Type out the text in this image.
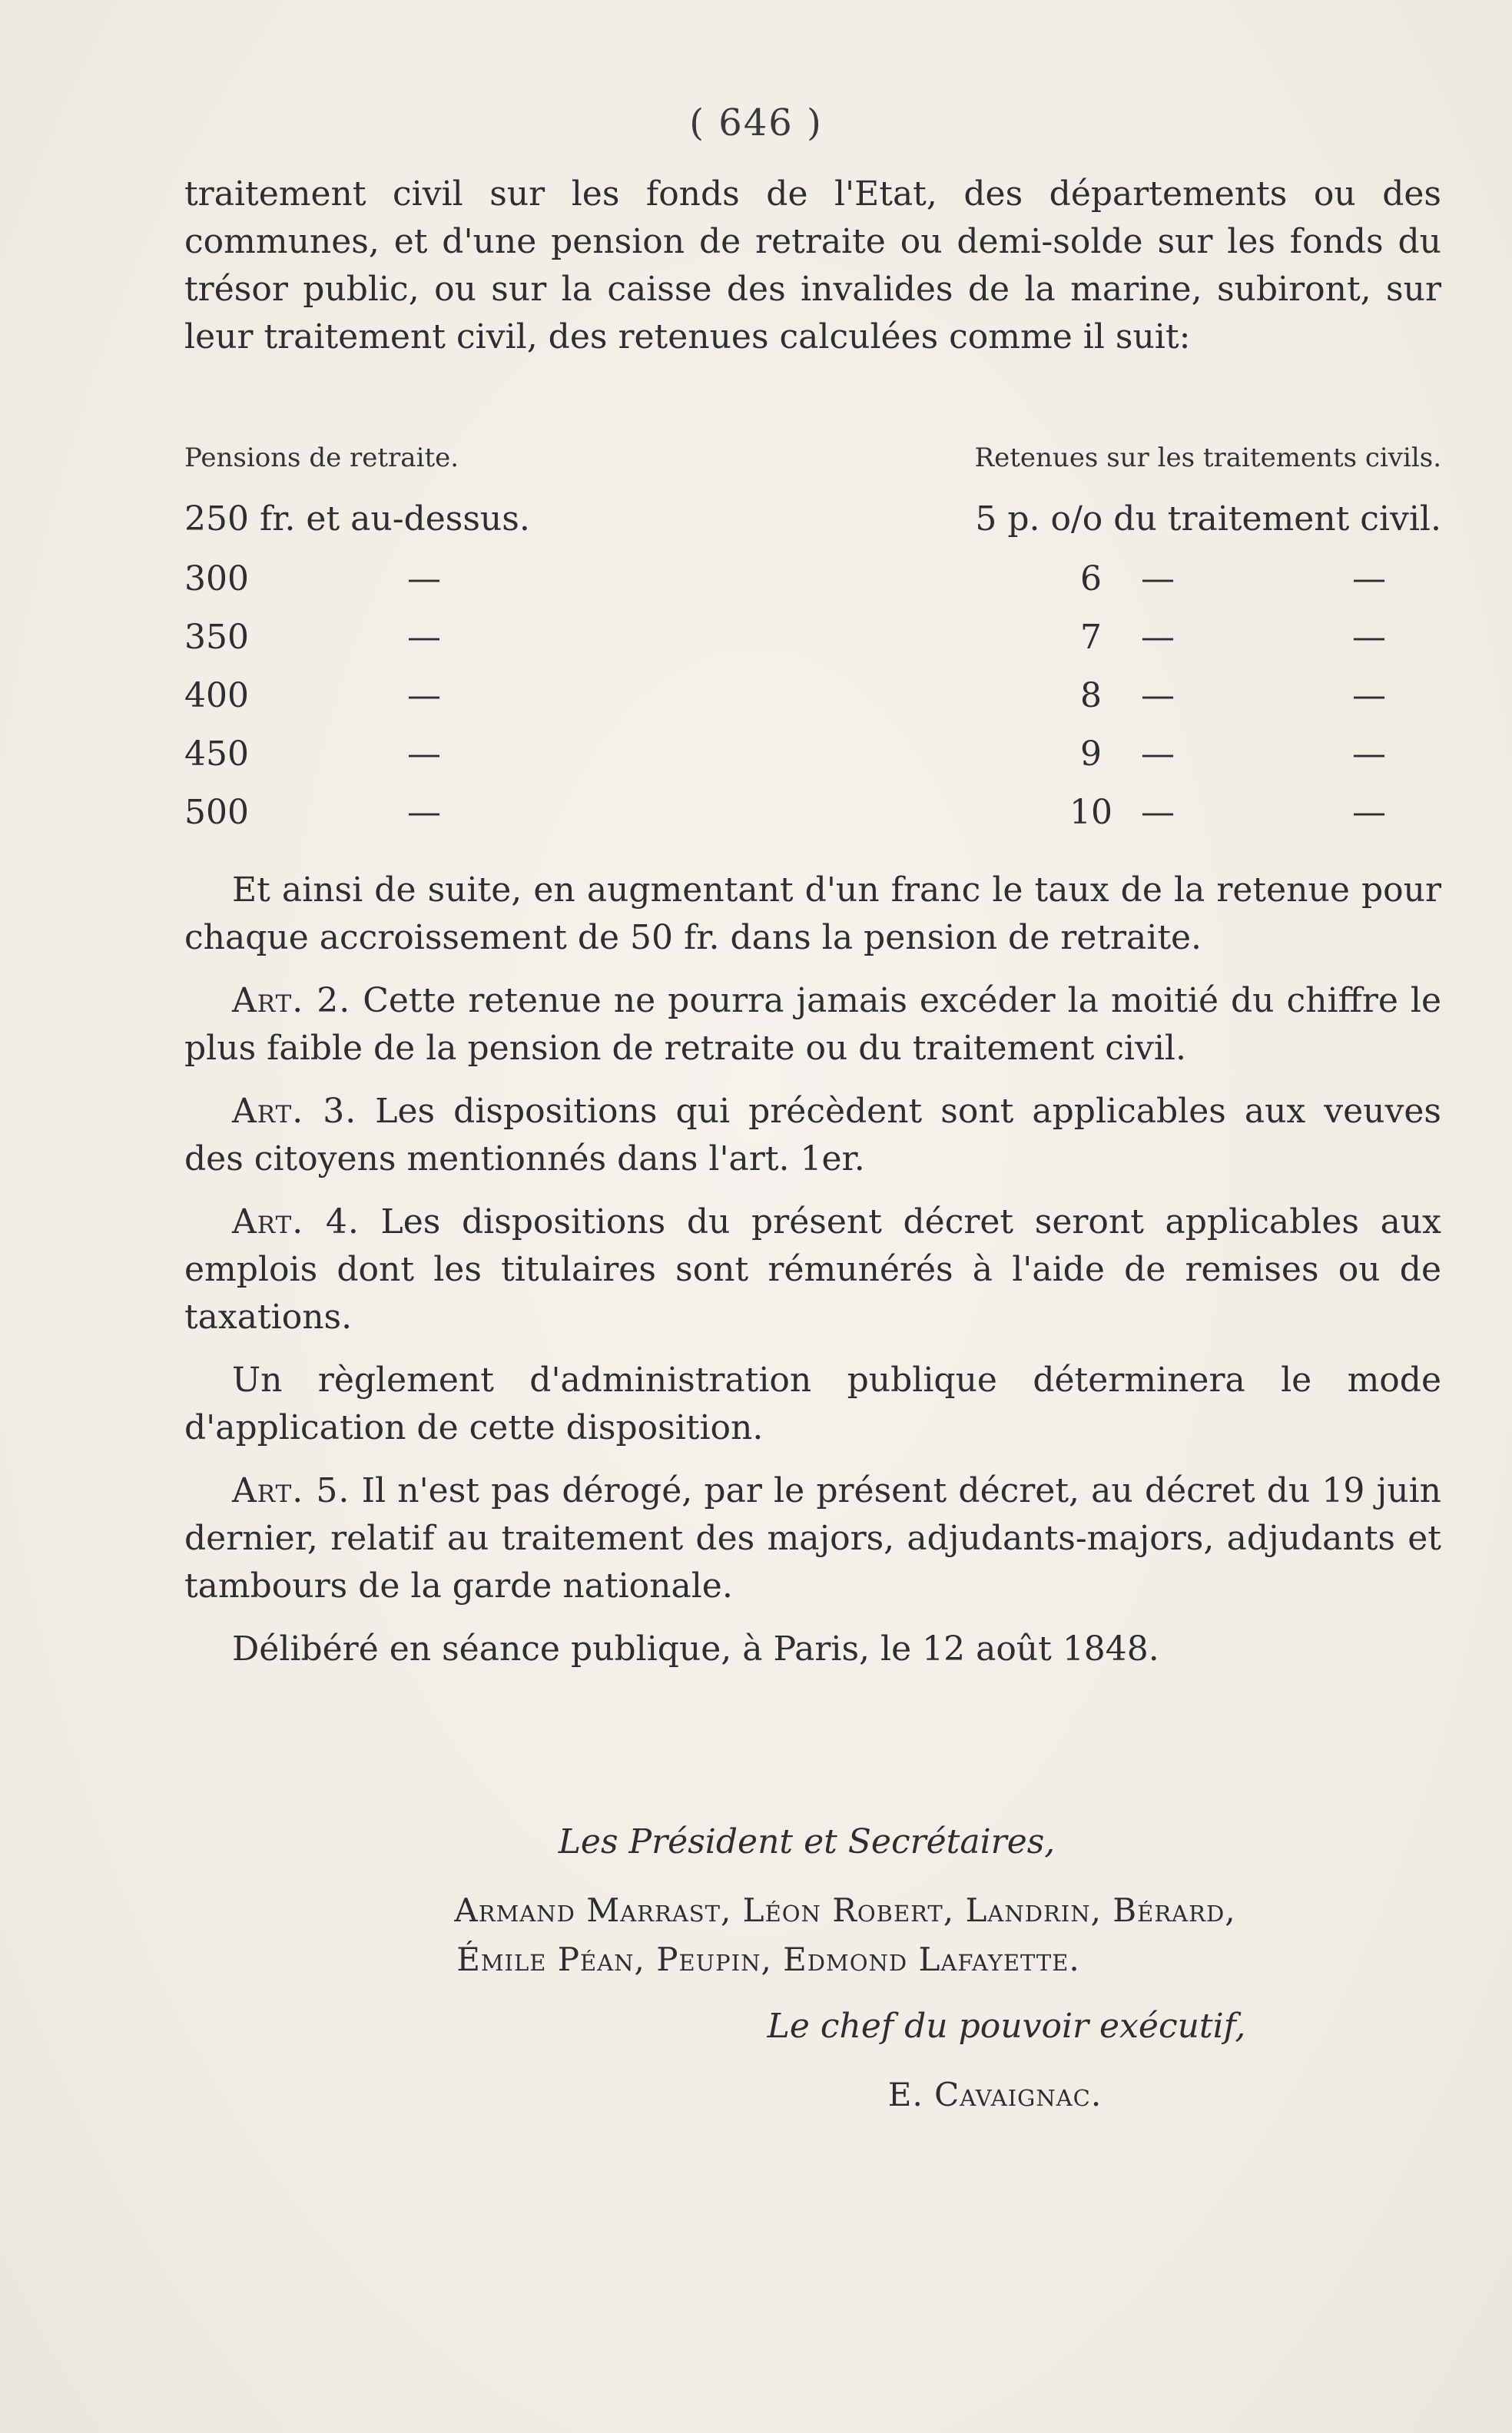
( 646 )

traitement civil sur les fonds de l'Etat, des départements ou des communes, et d'une pension de retraite ou demi-solde sur les fonds du trésor public, ou sur la caisse des invalides de la marine, subiront, sur leur traitement civil, des retenues calculées comme il suit:

Pensions de retraite.	Retenues sur les traitements civils.
250 fr. et au-dessus.	5 p. o/o du traitement civil.
300	—	6	—	—
350	—	7	—	—
400	—	8	—	—
450	—	9	—	—
500	—	10 —	—

Et ainsi de suite, en augmentant d'un franc le taux de la retenue pour chaque accroissement de 50 fr. dans la pension de retraite.

Art. 2. Cette retenue ne pourra jamais excéder la moitié du chiffre le plus faible de la pension de retraite ou du traitement civil.

Art. 3. Les dispositions qui précèdent sont applicables aux veuves des citoyens mentionnés dans l'art. 1er.

Art. 4. Les dispositions du présent décret seront applicables aux emplois dont les titulaires sont rémunérés à l'aide de remises ou de taxations.

Un règlement d'administration publique déterminera le mode d'application de cette disposition.

Art. 5. Il n'est pas dérogé, par le présent décret, au décret du 19 juin dernier, relatif au traitement des majors, adjudants-majors, adjudants et tambours de la garde nationale.

Délibéré en séance publique, à Paris, le 12 août 1848.

Les Président et Secrétaires,
Armand Marrast, Léon Robert, Landrin, Bérard,
Émile Péan, Peupin, Edmond Lafayette.
Le chef du pouvoir exécutif,
E. Cavaignac.
